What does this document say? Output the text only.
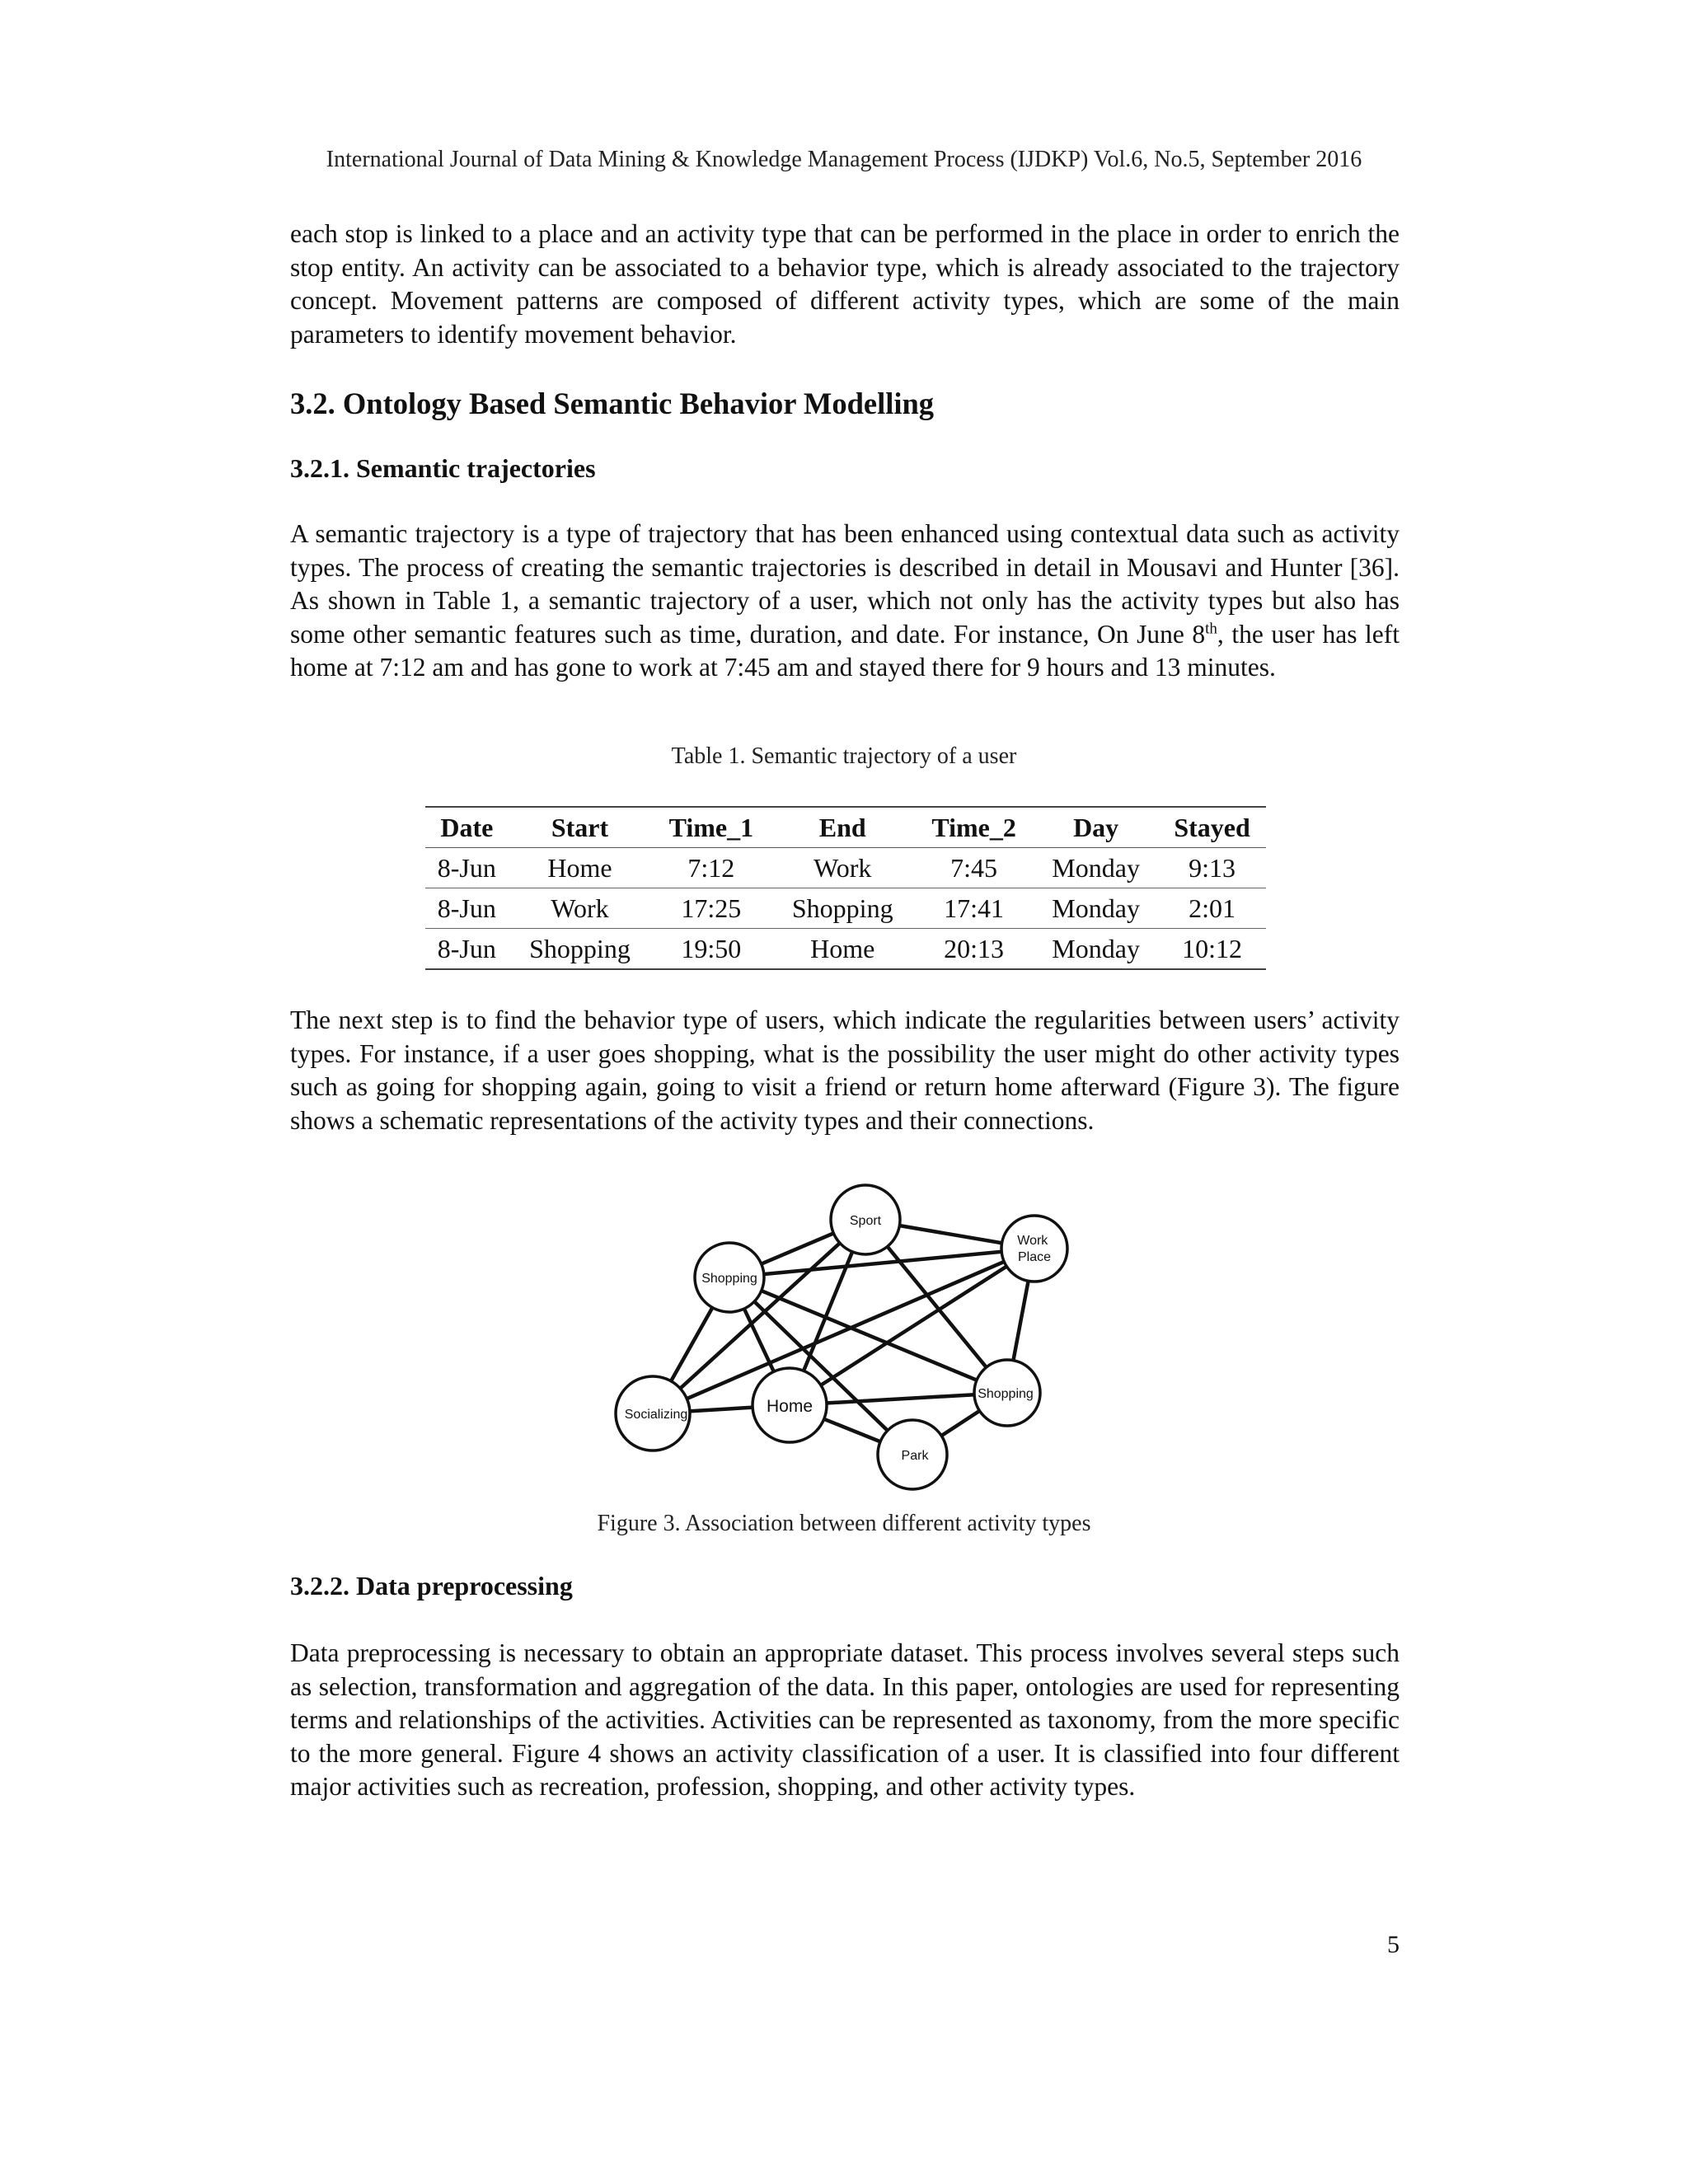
International Journal of Data Mining & Knowledge Management Process (IJDKP) Vol.6, No.5, September 2016

each stop is linked to a place and an activity type that can be performed in the place in order to enrich the stop entity. An activity can be associated to a behavior type, which is already associated to the trajectory concept. Movement patterns are composed of different activity types, which are some of the main parameters to identify movement behavior.

3.2. Ontology Based Semantic Behavior Modelling
3.2.1. Semantic trajectories

A semantic trajectory is a type of trajectory that has been enhanced using contextual data such as activity types. The process of creating the semantic trajectories is described in detail in Mousavi and Hunter [36]. As shown in Table 1, a semantic trajectory of a user, which not only has the activity types but also has some other semantic features such as time, duration, and date. For instance, On June 8th, the user has left home at 7:12 am and has gone to work at 7:45 am and stayed there for 9 hours and 13 minutes.

Table 1. Semantic trajectory of a user

Date	Start	Time_1	End	Time_2	Day	Stayed
8-Jun	Home	7:12	Work	7:45	Monday	9:13
8-Jun	Work	17:25	Shopping	17:41	Monday	2:01
8-Jun	Shopping	19:50	Home	20:13	Monday	10:12

The next step is to find the behavior type of users, which indicate the regularities between users’ activity types. For instance, if a user goes shopping, what is the possibility the user might do other activity types such as going for shopping again, going to visit a friend or return home afterward (Figure 3). The figure shows a schematic representations of the activity types and their connections.

Sport
Work Place
Shopping
Socializing	Home
Shopping
Park

Figure 3. Association between different activity types

3.2.2. Data preprocessing

Data preprocessing is necessary to obtain an appropriate dataset. This process involves several steps such as selection, transformation and aggregation of the data. In this paper, ontologies are used for representing terms and relationships of the activities. Activities can be represented as taxonomy, from the more specific to the more general. Figure 4 shows an activity classification of a user. It is classified into four different major activities such as recreation, profession, shopping, and other activity types.

5
